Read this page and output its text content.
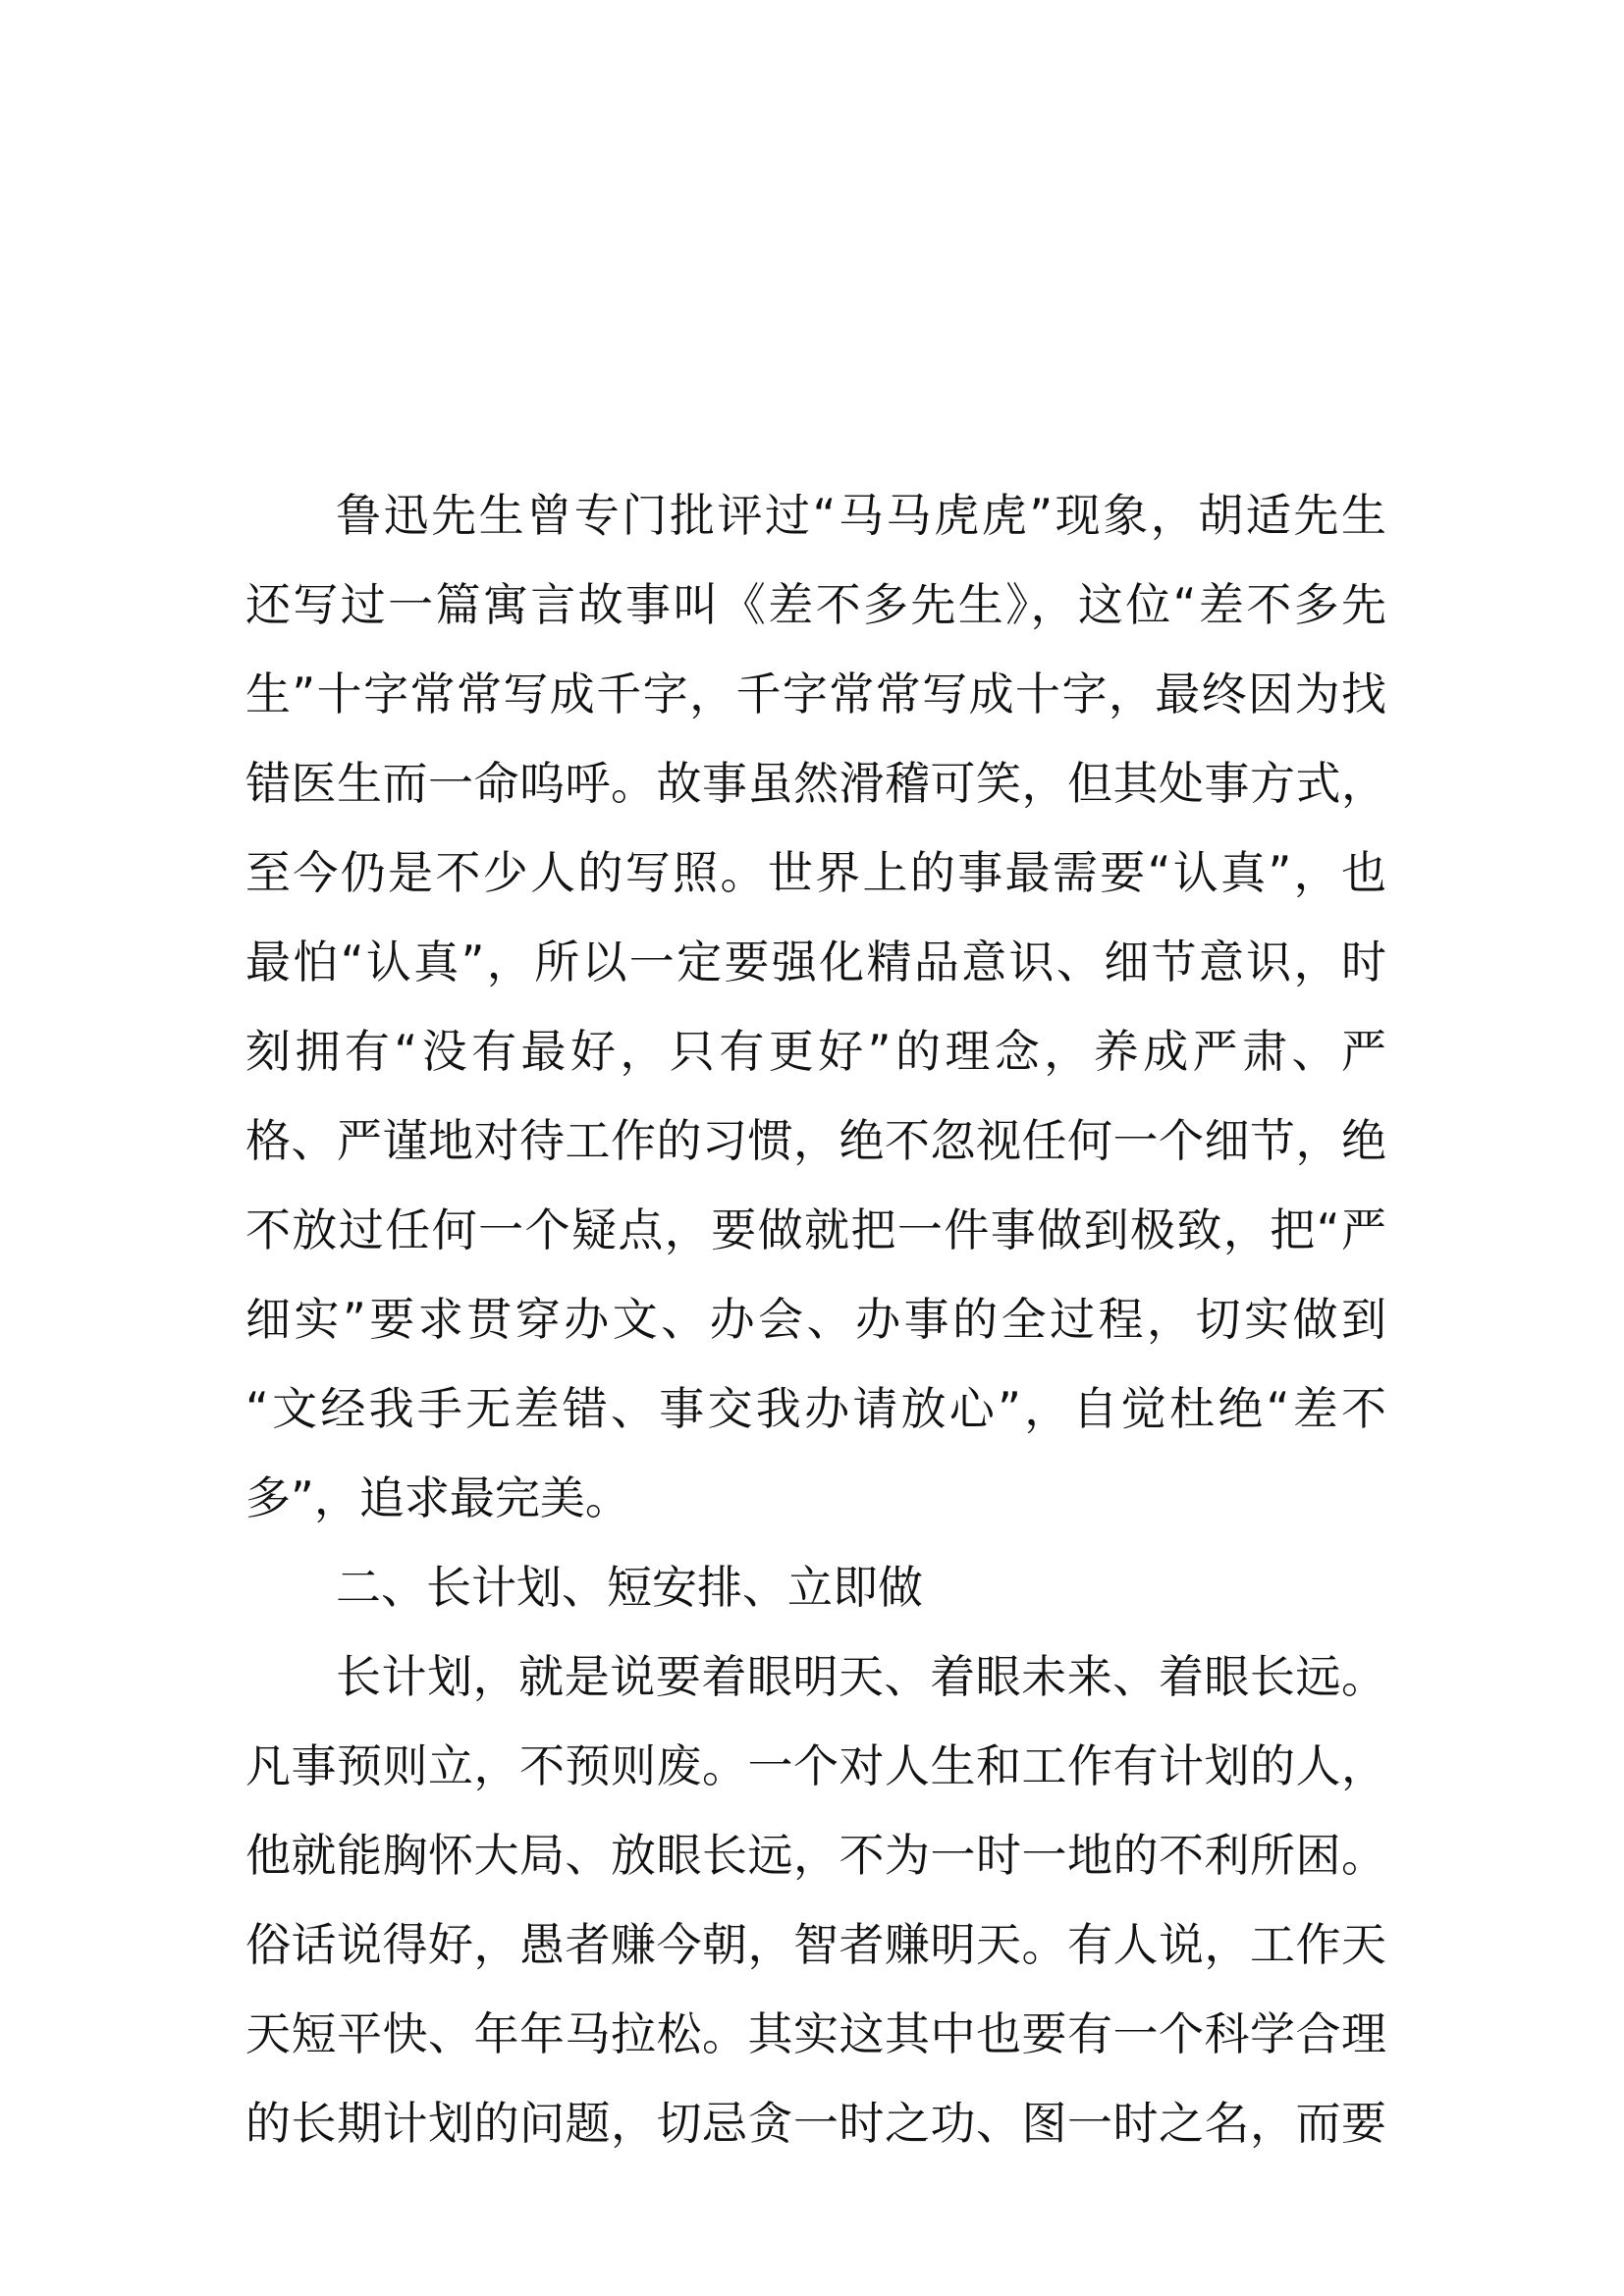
鲁迅先生曾专门批评过“马马虎虎”现象，胡适先生
还写过一篇寓言故事叫《差不多先生》，这位“差不多先
生”十字常常写成千字，千字常常写成十字，最终因为找
错医生而一命呜呼。故事虽然滑稽可笑，但其处事方式，
至今仍是不少人的写照。世界上的事最需要“认真”，也
最怕“认真”，所以一定要强化精品意识、细节意识，时
刻拥有“没有最好，只有更好”的理念，养成严肃、严
格、严谨地对待工作的习惯，绝不忽视任何一个细节，绝
不放过任何一个疑点，要做就把一件事做到极致，把“严
细实”要求贯穿办文、办会、办事的全过程，切实做到
“文经我手无差错、事交我办请放心”，自觉杜绝“差不
多”，追求最完美。
二、长计划、短安排、立即做
长计划，就是说要着眼明天、着眼未来、着眼长远。
凡事预则立，不预则废。一个对人生和工作有计划的人，
他就能胸怀大局、放眼长远，不为一时一地的不利所困。
俗话说得好，愚者赚今朝，智者赚明天。有人说，工作天
天短平快、年年马拉松。其实这其中也要有一个科学合理
的长期计划的问题，切忌贪一时之功、图一时之名，而要
